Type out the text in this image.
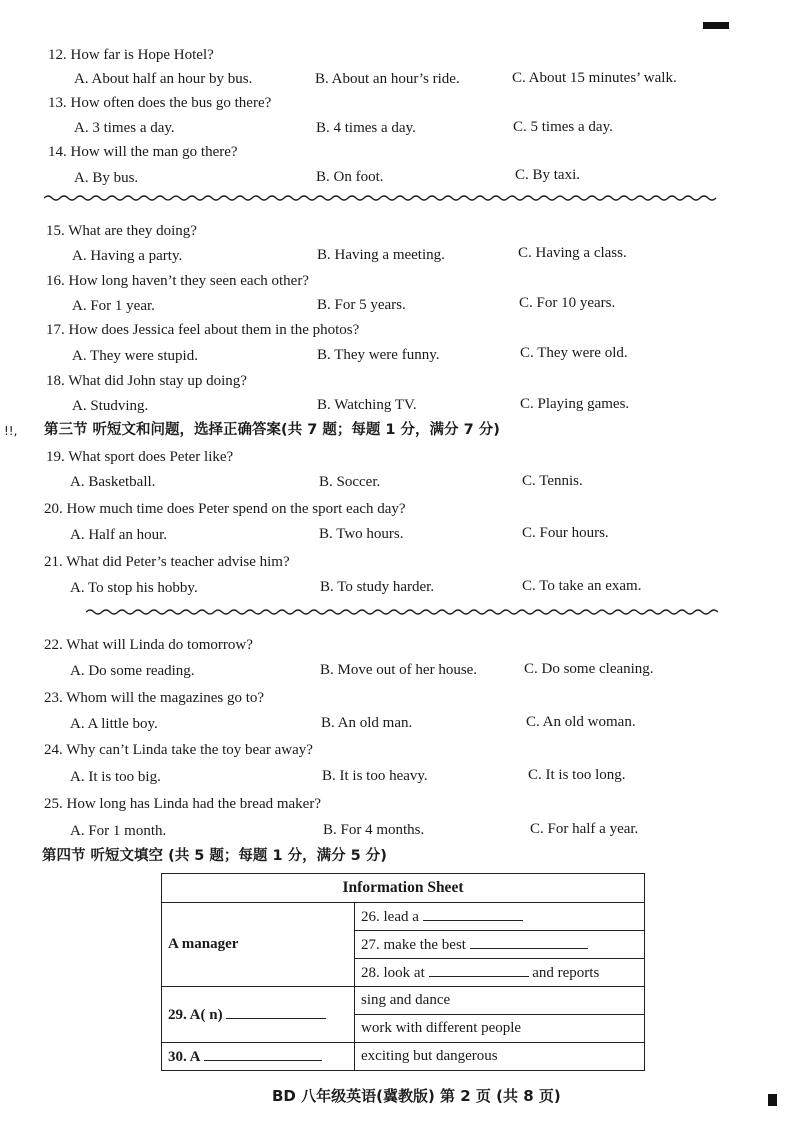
!!,
12. How far is Hope Hotel?
A. About half an hour by bus.	B. About an hour’s ride.	C. About 15 minutes’ walk.
13. How often does the bus go there?
A. 3 times a day.	B. 4 times a day.	C. 5 times a day.
14. How will the man go there?
A. By bus.	B. On foot.	C. By taxi.
15. What are they doing?
A. Having a party.	B. Having a meeting.	C. Having a class.
16. How long haven’t they seen each other?
A. For 1 year.	B. For 5 years.	C. For 10 years.
17. How does Jessica feel about them in the photos?
A. They were stupid.	B. They were funny.	C. They were old.
18. What did John stay up doing?
A. Studving.	B. Watching TV.	C. Playing games.
第三节 听短文和问题，选择正确答案(共 7 题；每题 1 分，满分 7 分)
19. What sport does Peter like?
A. Basketball.	B. Soccer.	C. Tennis.
20. How much time does Peter spend on the sport each day?
A. Half an hour.	B. Two hours.	C. Four hours.
21. What did Peter’s teacher advise him?
A. To stop his hobby.	B. To study harder.	C. To take an exam.
22. What will Linda do tomorrow?
A. Do some reading.	B. Move out of her house.	C. Do some cleaning.
23. Whom will the magazines go to?
A. A little boy.	B. An old man.	C. An old woman.
24. Why can’t Linda take the toy bear away?
A. It is too big.	B. It is too heavy.	C. It is too long.
25. How long has Linda had the bread maker?
A. For 1 month.	B. For 4 months.	C. For half a year.
第四节 听短文填空 (共 5 题；每题 1 分，满分 5 分)
Information Sheet	
A manager	26. lead a
	27. make the best
	28. look at and reports
29. A( n)	sing and dance
	work with different people
30. A	exciting but dangerous
BD 八年级英语(冀教版) 第 2 页 (共 8 页)
